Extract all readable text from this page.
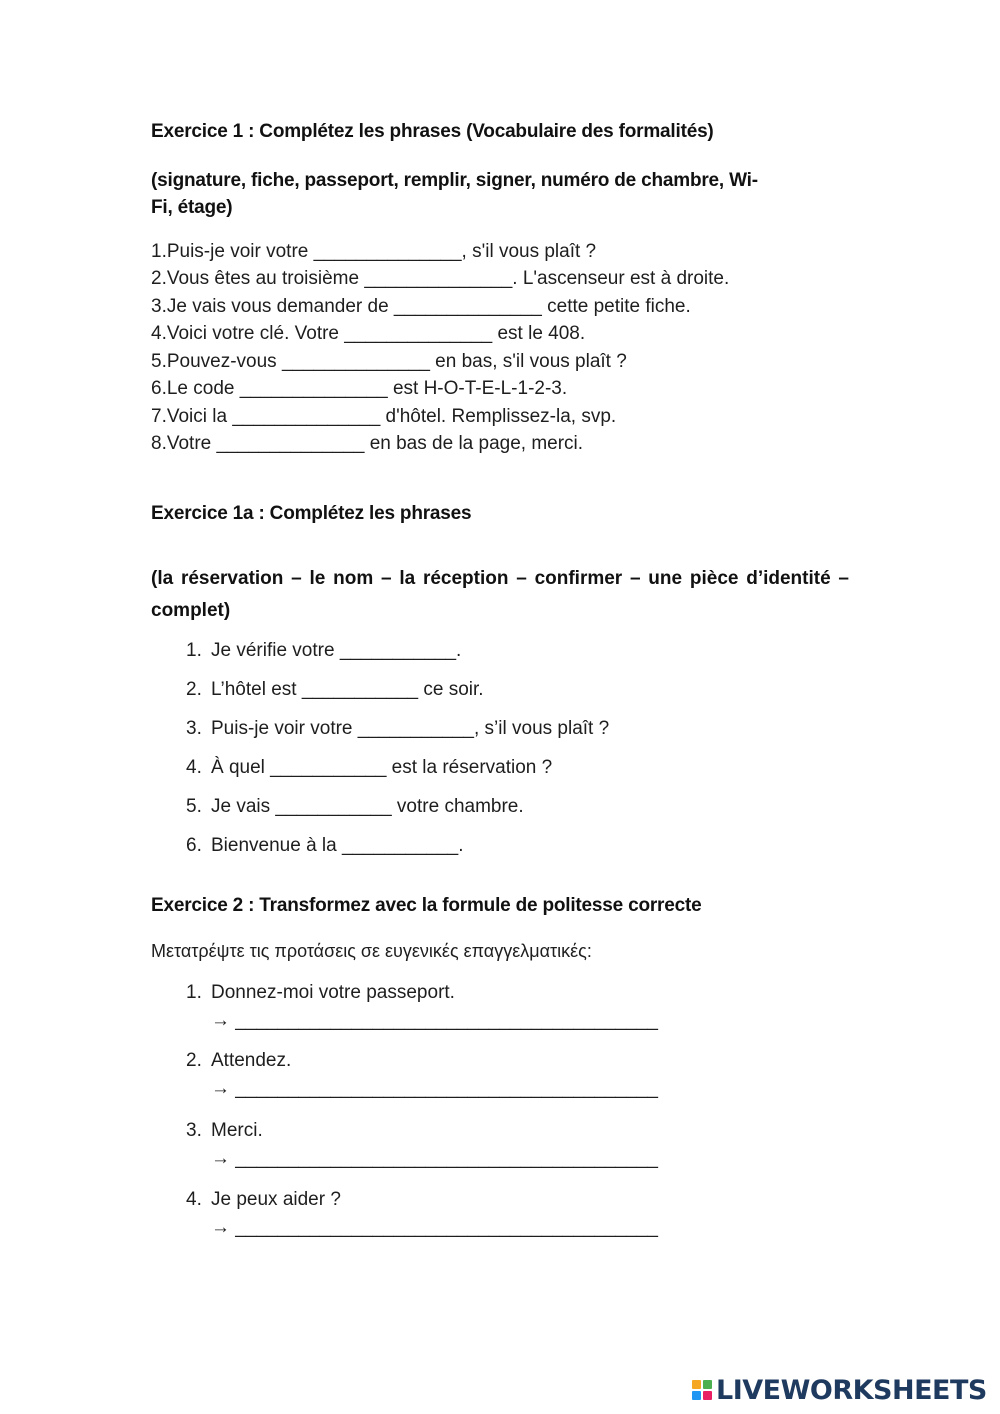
Exercice 1 : Complétez les phrases (Vocabulaire des formalités)

(signature, fiche, passeport, remplir, signer, numéro de chambre, Wi-

Fi, étage)

1.Puis-je voir votre ______________, s'il vous plaît ?

2.Vous êtes au troisième ______________. L'ascenseur est à droite.

3.Je vais vous demander de ______________ cette petite fiche.

4.Voici votre clé. Votre ______________ est le 408.

5.Pouvez-vous ______________ en bas, s'il vous plaît ?

6.Le code ______________ est H-O-T-E-L-1-2-3.

7.Voici la ______________ d'hôtel. Remplissez-la, svp.

8.Votre ______________ en bas de la page, merci.

Exercice 1a : Complétez les phrases

(la réservation – le nom – la réception – confirmer – une pièce d’identité – complet)

1. Je vérifie votre ___________.
2. L’hôtel est ___________ ce soir.
3. Puis-je voir votre ___________, s’il vous plaît ?
4. À quel ___________ est la réservation ?
5. Je vais ___________ votre chambre.
6. Bienvenue à la ___________.

Exercice 2 : Transformez avec la formule de politesse correcte

Μετατρέψτε τις προτάσεις σε ευγενικές επαγγελματικές:
1. Donnez-moi votre passeport.
→ ________________________________________
2. Attendez.
→ ________________________________________
3. Merci.
→ ________________________________________
4. Je peux aider ?
→ ________________________________________
LIVEWORKSHEETS
